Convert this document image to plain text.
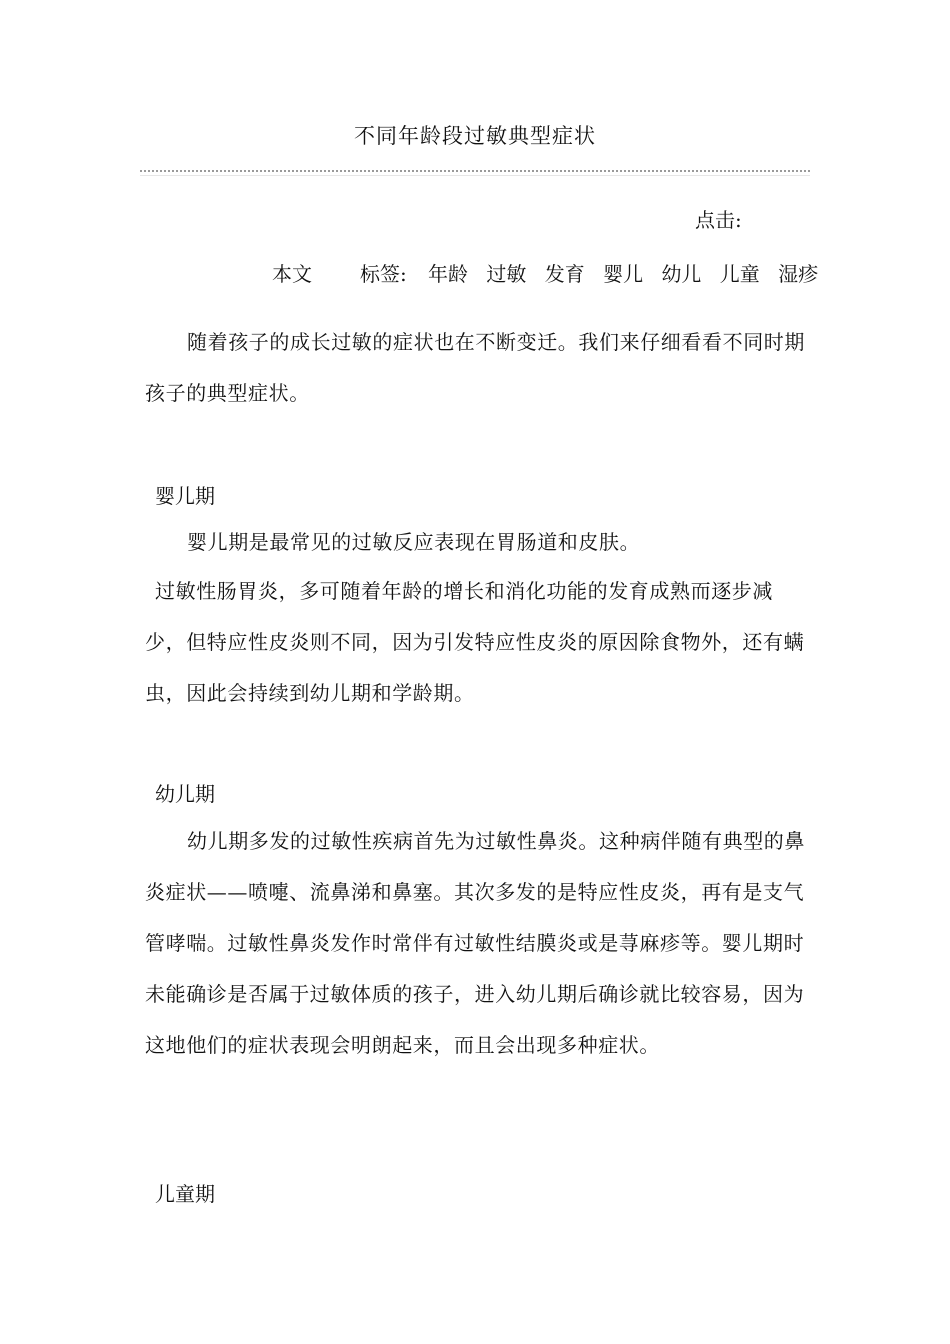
不同年龄段过敏典型症状
点击:
本文 标签: 年龄 过敏 发育 婴儿 幼儿 儿童 湿疹
随着孩子的成长过敏的症状也在不断变迁。我们来仔细看看不同时期孩子的典型症状。
婴儿期
婴儿期是最常见的过敏反应表现在胃肠道和皮肤。
过敏性肠胃炎，多可随着年龄的增长和消化功能的发育成熟而逐步减少，但特应性皮炎则不同，因为引发特应性皮炎的原因除食物外，还有螨虫，因此会持续到幼儿期和学龄期。
幼儿期
幼儿期多发的过敏性疾病首先为过敏性鼻炎。这种病伴随有典型的鼻炎症状——喷嚏、流鼻涕和鼻塞。其次多发的是特应性皮炎，再有是支气管哮喘。过敏性鼻炎发作时常伴有过敏性结膜炎或是荨麻疹等。婴儿期时未能确诊是否属于过敏体质的孩子，进入幼儿期后确诊就比较容易，因为这地他们的症状表现会明朗起来，而且会出现多种症状。
儿童期
